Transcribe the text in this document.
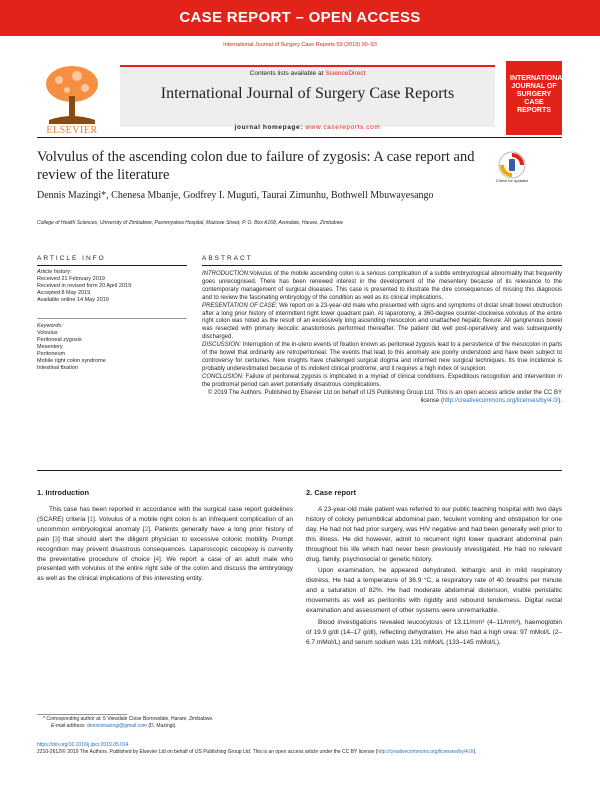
CASE REPORT – OPEN ACCESS
International Journal of Surgery Case Reports 59 (2019) 90–93
Contents lists available at ScienceDirect
International Journal of Surgery Case Reports
journal homepage: www.casereports.com
ELSEVIER
INTERNATIONAL JOURNAL OF SURGERY CASE REPORTS
Volvulus of the ascending colon due to failure of zygosis: A case report and review of the literature	Check for updates
Dennis Mazingi*, Chenesa Mbanje, Godfrey I. Muguti, Taurai Zimunhu, Bothwell Mbuwayesango
College of Health Sciences, University of Zimbabwe, Parirenyatwa Hospital, Mazowe Street, P. O. Box A168, Avondale, Harare, Zimbabwe
ARTICLE INFO
Article history:
Received 21 February 2019
Received in revised form 20 April 2019
Accepted 8 May 2019
Available online 14 May 2019
Keywords:
Volvulus
Peritoneal zygosis
Mesentery
Peritoneum
Mobile right colon syndrome
Intestinal fixation
ABSTRACT

INTRODUCTION:Volvulus of the mobile ascending colon is a serious complication of a subtle embryological abnormality that frequently goes unrecognised. There has been renewed interest in the development of the mesentery because of its relevance to the contemporary management of surgical diseases. This case is presented to illustrate the dire consequences of missing this diagnosis and to review the fascinating embryology of the condition as well as its clinical implications.

PRESENTATION OF CASE: We report on a 23-year-old male who presented with signs and symptoms of distal small bowel obstruction after a long prior history of intermittent right lower quadrant pain. At laparotomy, a 360-degree counter-clockwise volvulus of the entire right colon was noted as the result of an excessively long ascending mesocolon and unattached hepatic flexure. All gangrenous bowel was resected with primary ileocolic anastomosis performed thereafter. The patient did well post-operatively and was subsequently discharged.

DISCUSSION: Interruption of the in-utero events of fixation known as peritoneal zygosis lead to a persistence of the mesocolon in parts of the bowel that ordinarily are retroperitoneal. The events that lead to this anomaly are poorly understood and have been subject to controversy for centuries. New insights have challenged surgical dogma and informed new surgical techniques. Its true incidence is probably underestimated because of its indolent clinical prodrome, and it requires a high index of suspicion.

CONCLUSION: Failure of peritoneal zygosis is implicated in a myriad of clinical conditions. Expeditious recognition and intervention in the prodromal period can avert potentially disastrous complications.

© 2019 The Authors. Published by Elsevier Ltd on behalf of IJS Publishing Group Ltd. This is an open access article under the CC BY license (http://creativecommons.org/licenses/by/4.0/).

1. Introduction

This case has been reported in accordance with the surgical case report guidelines (SCARE) criteria [1]. Volvulus of a mobile right colon is an infrequent complication of an uncommon embryological anomaly [2]. Patients generally have a long prior history of pain [3] that should alert the diligent physician to excessive colonic mobility. Prompt recognition may prevent disastrous consequences. Laparoscopic cecopexy is currently the preventative procedure of choice [4]. We report a case of an adult male who presented with volvulus of the entire right side of the colon and discuss the embryology as well as the clinical implications of this interesting entity.

2. Case report

A 23-year-old male patient was referred to our public teaching hospital with two days history of colicky periumbilical abdominal pain, feculent vomiting and obstipation for one day. He had not had prior surgery, was HIV negative and had been generally well prior to this illness. He did however, admit to recurrent right lower quadrant abdominal pain throughout his life which had never been previously investigated. He had no relevant drug, family, psychosocial or genetic history.

Upon examination, he appeared dehydrated, lethargic and in mild respiratory distress. He had a temperature of 36.9 °C, a respiratory rate of 40 breaths per minute and a saturation of 82%. He had moderate abdominal distension, visible peristaltic movements as well as peritonitis with rigidity and rebound tenderness. Digital rectal examination and assessment of other systems were unremarkable.

Blood investigations revealed leucocytosis of 13.11/mm³ (4–11/mm³), haemoglobin of 19.9 g/dl (14–17 g/dl), reflecting dehydration. He also had a high urea: 97 mMol/L (2–6.7 mMol/L) and serum sodium was 131 mMol/L (133–145 mMol/L).

* Corresponding author at: 5 Viewdale Close Borrowdale, Harare, Zimbabwe.
E-mail address: dennismazingi@gmail.com (D. Mazingi).
https://doi.org/10.1016/j.ijscr.2019.05.014
2210-2612/© 2019 The Authors. Published by Elsevier Ltd on behalf of IJS Publishing Group Ltd. This is an open access article under the CC BY license (http://creativecommons.org/licenses/by/4.0/).
